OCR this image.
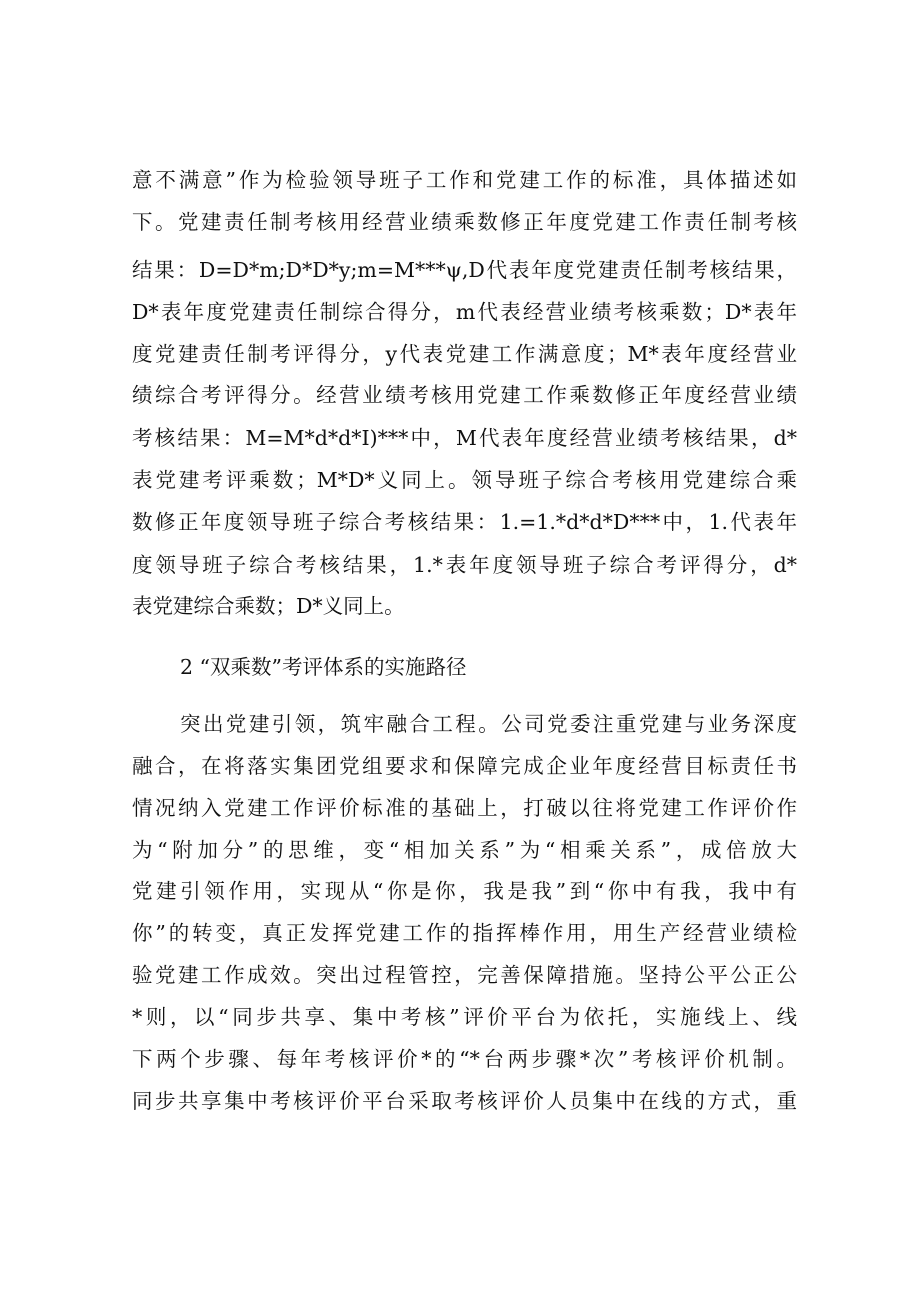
意不满意”作为检验领导班子工作和党建工作的标准，具体描述如
下。党建责任制考核用经营业绩乘数修正年度党建工作责任制考核
结果：D=D*m;D*D*y;m=M***ψ,D代表年度党建责任制考核结果，
D*表年度党建责任制综合得分，m代表经营业绩考核乘数；D*表年
度党建责任制考评得分，y代表党建工作满意度；M*表年度经营业
绩综合考评得分。经营业绩考核用党建工作乘数修正年度经营业绩
考核结果：M=M*d*d*I)***中，M代表年度经营业绩考核结果，d*
表党建考评乘数；M*D*义同上。领导班子综合考核用党建综合乘
数修正年度领导班子综合考核结果：1.=1.*d*d*D***中，1.代表年
度领导班子综合考核结果，1.*表年度领导班子综合考评得分，d*
表党建综合乘数；D*义同上。
2 “双乘数”考评体系的实施路径
突出党建引领，筑牢融合工程。公司党委注重党建与业务深度
融合，在将落实集团党组要求和保障完成企业年度经营目标责任书
情况纳入党建工作评价标准的基础上，打破以往将党建工作评价作
为“附加分”的思维，变“相加关系”为“相乘关系”，成倍放大
党建引领作用，实现从“你是你，我是我”到“你中有我，我中有
你”的转变，真正发挥党建工作的指挥棒作用，用生产经营业绩检
验党建工作成效。突出过程管控，完善保障措施。坚持公平公正公
*则，以“同步共享、集中考核”评价平台为依托，实施线上、线
下两个步骤、每年考核评价*的“*台两步骤*次”考核评价机制。
同步共享集中考核评价平台采取考核评价人员集中在线的方式，重
